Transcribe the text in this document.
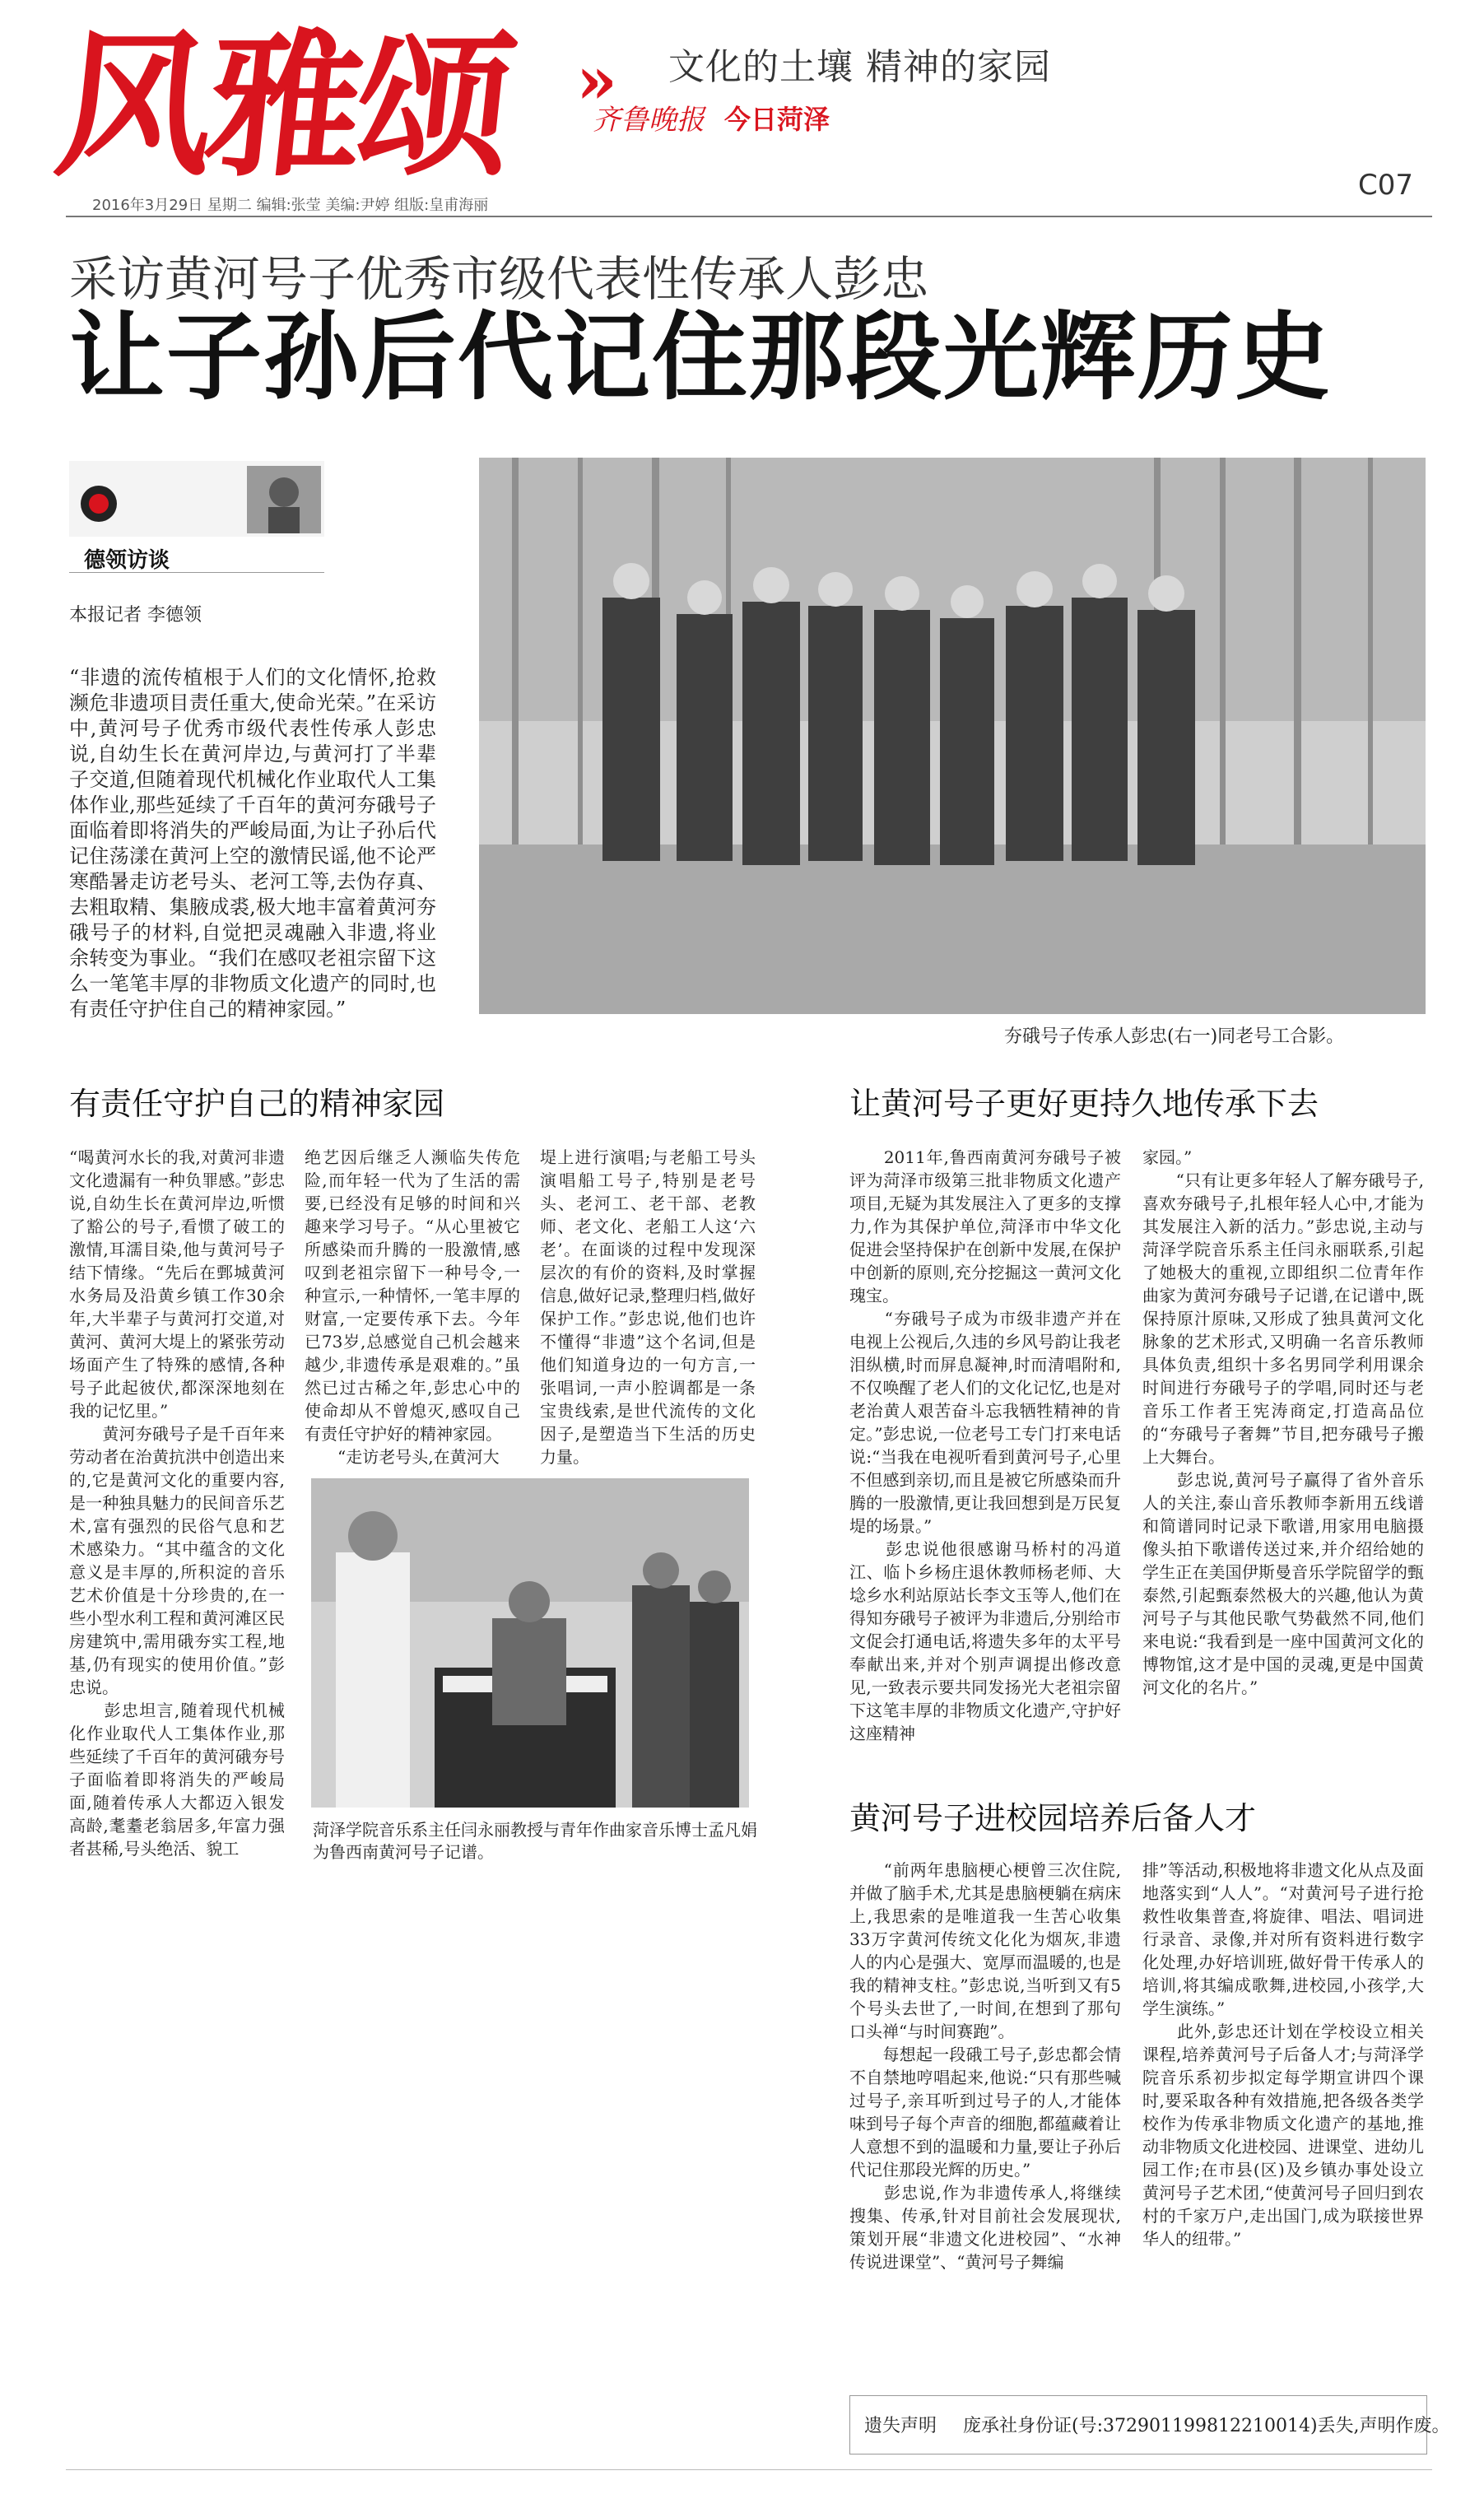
风雅颂 » 文化的土壤 精神的家园
齐鲁晚报 今日菏泽
C07
2016年3月29日 星期二 编辑:张莹 美编:尹婷 组版:皇甫海丽
采访黄河号子优秀市级代表性传承人彭忠
让子孙后代记住那段光辉历史
德领访谈
本报记者 李德领
“非遗的流传植根于人们的文化情怀,抢救濒危非遗项目责任重大,使命光荣。”在采访中,黄河号子优秀市级代表性传承人彭忠说,自幼生长在黄河岸边,与黄河打了半辈子交道,但随着现代机械化作业取代人工集体作业,那些延续了千百年的黄河夯硪号子面临着即将消失的严峻局面,为让子孙后代记住荡漾在黄河上空的激情民谣,他不论严寒酷暑走访老号头、老河工等,去伪存真、去粗取精、集腋成裘,极大地丰富着黄河夯硪号子的材料,自觉把灵魂融入非遗,将业余转变为事业。“我们在感叹老祖宗留下这么一笔笔丰厚的非物质文化遗产的同时,也有责任守护住自己的精神家园。”
夯硪号子传承人彭忠(右一)同老号工合影。
有责任守护自己的精神家园
“喝黄河水长的我,对黄河非遗文化遗漏有一种负罪感。”彭忠说,自幼生长在黄河岸边,听惯了豁公的号子,看惯了破工的激情,耳濡目染,他与黄河号子结下情缘。“先后在鄄城黄河水务局及沿黄乡镇工作30余年,大半辈子与黄河打交道,对黄河、黄河大堤上的紧张劳动场面产生了特殊的感情,各种号子此起彼伏,都深深地刻在我的记忆里。”
　　黄河夯硪号子是千百年来劳动者在治黄抗洪中创造出来的,它是黄河文化的重要内容,是一种独具魅力的民间音乐艺术,富有强烈的民俗气息和艺术感染力。“其中蕴含的文化意义是丰厚的,所积淀的音乐艺术价值是十分珍贵的,在一些小型水利工程和黄河滩区民房建筑中,需用硪夯实工程,地基,仍有现实的使用价值。”彭忠说。
　　彭忠坦言,随着现代机械化作业取代人工集体作业,那些延续了千百年的黄河硪夯号子面临着即将消失的严峻局面,随着传承人大都迈入银发高龄,耄耋老翁居多,年富力强者甚稀,号头绝活、貌工
绝艺因后继乏人濒临失传危险,而年轻一代为了生活的需要,已经没有足够的时间和兴趣来学习号子。“从心里被它所感染而升腾的一股激情,感叹到老祖宗留下一种号令,一种宣示,一种情怀,一笔丰厚的财富,一定要传承下去。今年已73岁,总感觉自己机会越来越少,非遗传承是艰难的。”虽然已过古稀之年,彭忠心中的使命却从不曾熄灭,感叹自己有责任守护好的精神家园。
　　“走访老号头,在黄河大
堤上进行演唱;与老船工号头演唱船工号子,特别是老号头、老河工、老干部、老教师、老文化、老船工人这‘六老’。在面谈的过程中发现深层次的有价的资料,及时掌握信息,做好记录,整理归档,做好保护工作。”彭忠说,他们也许不懂得“非遗”这个名词,但是他们知道身边的一句方言,一张唱词,一声小腔调都是一条宝贵线索,是世代流传的文化因子,是塑造当下生活的历史力量。
菏泽学院音乐系主任闫永丽教授与青年作曲家音乐博士孟凡娟为鲁西南黄河号子记谱。
让黄河号子更好更持久地传承下去
　　2011年,鲁西南黄河夯硪号子被评为菏泽市级第三批非物质文化遗产项目,无疑为其发展注入了更多的支撑力,作为其保护单位,菏泽市中华文化促进会坚持保护在创新中发展,在保护中创新的原则,充分挖掘这一黄河文化瑰宝。
　　“夯硪号子成为市级非遗产并在电视上公视后,久违的乡风号韵让我老泪纵横,时而屏息凝神,时而清唱附和,不仅唤醒了老人们的文化记忆,也是对老治黄人艰苦奋斗忘我牺牲精神的肯定。”彭忠说,一位老号工专门打来电话说:“当我在电视听看到黄河号子,心里不但感到亲切,而且是被它所感染而升腾的一股激情,更让我回想到是万民复堤的场景。”
　　彭忠说他很感谢马桥村的冯道江、临卜乡杨庄退休教师杨老师、大埝乡水利站原站长李文玉等人,他们在得知夯硪号子被评为非遗后,分别给市文促会打通电话,将遗失多年的太平号奉献出来,并对个别声调提出修改意见,一致表示要共同发扬光大老祖宗留下这笔丰厚的非物质文化遗产,守护好这座精神
家园。”
　　“只有让更多年轻人了解夯硪号子,喜欢夯硪号子,扎根年轻人心中,才能为其发展注入新的活力。”彭忠说,主动与菏泽学院音乐系主任闫永丽联系,引起了她极大的重视,立即组织二位青年作曲家为黄河夯硪号子记谱,在记谱中,既保持原汁原味,又形成了独具黄河文化脉象的艺术形式,又明确一名音乐教师具体负责,组织十多名男同学利用课余时间进行夯硪号子的学唱,同时还与老音乐工作者王宪涛商定,打造高品位的“夯硪号子奢舞”节目,把夯硪号子搬上大舞台。
　　彭忠说,黄河号子赢得了省外音乐人的关注,泰山音乐教师李新用五线谱和简谱同时记录下歌谱,用家用电脑摄像头拍下歌谱传送过来,并介绍给她的学生正在美国伊斯曼音乐学院留学的甄泰然,引起甄泰然极大的兴趣,他认为黄河号子与其他民歌气势截然不同,他们来电说:“我看到是一座中国黄河文化的博物馆,这才是中国的灵魂,更是中国黄河文化的名片。”
黄河号子进校园培养后备人才
　　“前两年患脑梗心梗曾三次住院,并做了脑手术,尤其是患脑梗躺在病床上,我思索的是唯道我一生苦心收集33万字黄河传统文化化为烟灰,非遗人的内心是强大、宽厚而温暖的,也是我的精神支柱。”彭忠说,当听到又有5个号头去世了,一时间,在想到了那句口头禅“与时间赛跑”。
　　每想起一段硪工号子,彭忠都会情不自禁地哼唱起来,他说:“只有那些喊过号子,亲耳听到过号子的人,才能体味到号子每个声音的细胞,都蕴藏着让人意想不到的温暖和力量,要让子孙后代记住那段光辉的历史。”
　　彭忠说,作为非遗传承人,将继续搜集、传承,针对目前社会发展现状,策划开展“非遗文化进校园”、“水神传说进课堂”、“黄河号子舞编
排”等活动,积极地将非遗文化从点及面地落实到“人人”。“对黄河号子进行抢救性收集普查,将旋律、唱法、唱词进行录音、录像,并对所有资料进行数字化处理,办好培训班,做好骨干传承人的培训,将其编成歌舞,进校园,小孩学,大学生演练。”
　　此外,彭忠还计划在学校设立相关课程,培养黄河号子后备人才;与菏泽学院音乐系初步拟定每学期宣讲四个课时,要采取各种有效措施,把各级各类学校作为传承非物质文化遗产的基地,推动非物质文化进校园、进课堂、进幼儿园工作;在市县(区)及乡镇办事处设立黄河号子艺术团,“使黄河号子回归到农村的千家万户,走出国门,成为联接世界华人的纽带。”
遗失声明 庞承社身份证(号:372901199812210014)丢失,声明作废。
